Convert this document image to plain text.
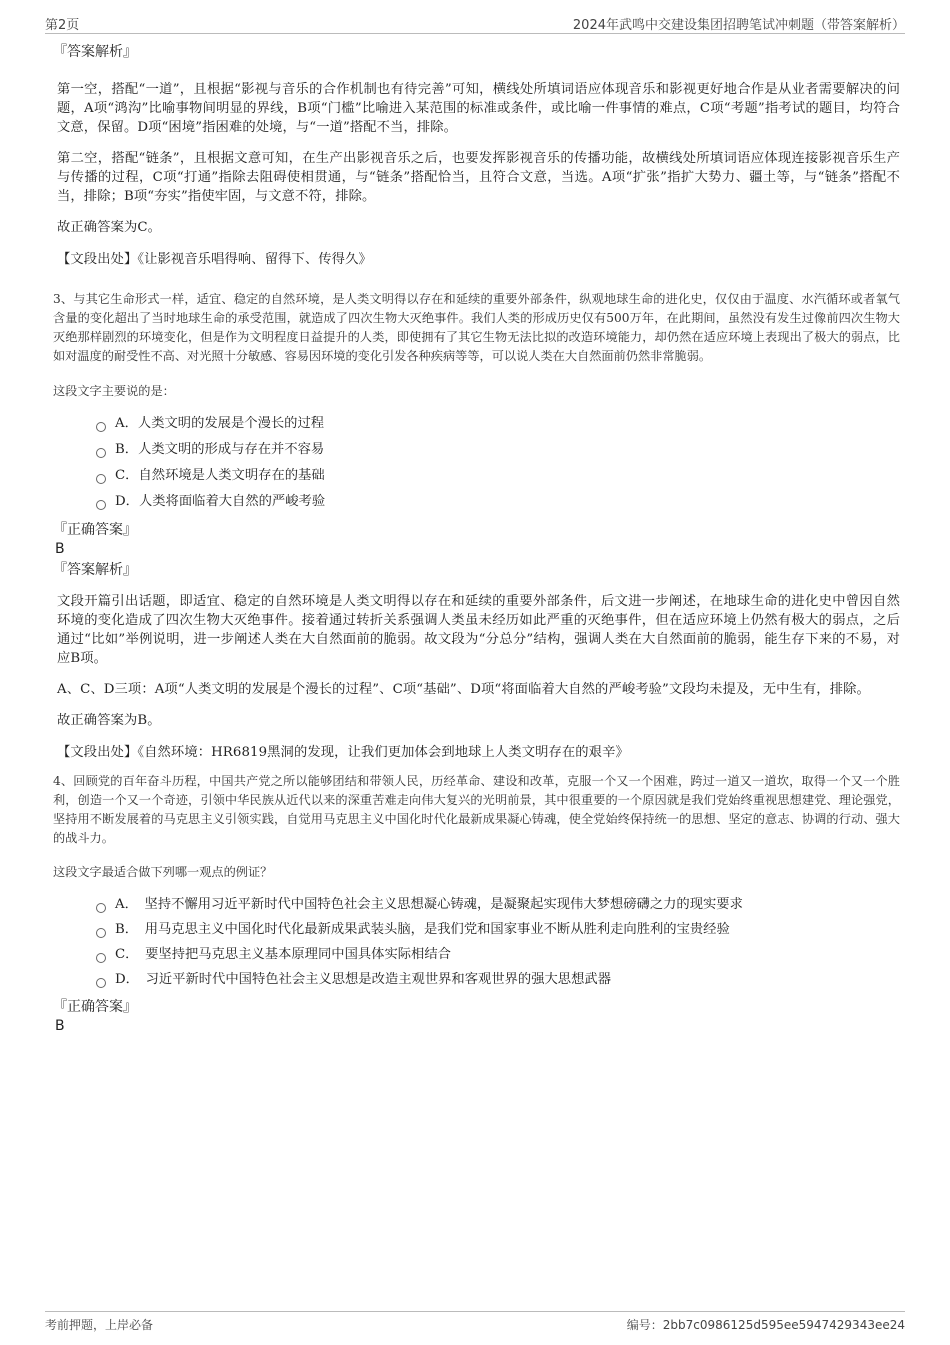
第2页	2024年武鸣中交建设集团招聘笔试冲刺题（带答案解析）

『答案解析』

第一空，搭配“一道”，且根据“影视与音乐的合作机制也有待完善”可知，横线处所填词语应体现音乐和影视更好地合作是从业者需要解决的问题，A项“鸿沟”比喻事物间明显的界线，B项“门槛”比喻进入某范围的标准或条件，或比喻一件事情的难点，C项“考题”指考试的题目，均符合文意，保留。D项“困境”指困难的处境，与“一道”搭配不当，排除。

第二空，搭配“链条”，且根据文意可知，在生产出影视音乐之后，也要发挥影视音乐的传播功能，故横线处所填词语应体现连接影视音乐生产与传播的过程，C项“打通”指除去阻碍使相贯通，与“链条”搭配恰当，且符合文意，当选。A项“扩张”指扩大势力、疆土等，与“链条”搭配不当，排除；B项“夯实”指使牢固，与文意不符，排除。

故正确答案为C。

【文段出处】《让影视音乐唱得响、留得下、传得久》

3、与其它生命形式一样，适宜、稳定的自然环境，是人类文明得以存在和延续的重要外部条件，纵观地球生命的进化史，仅仅由于温度、水汽循环或者氧气含量的变化超出了当时地球生命的承受范围，就造成了四次生物大灭绝事件。我们人类的形成历史仅有500万年，在此期间，虽然没有发生过像前四次生物大灭绝那样剧烈的环境变化，但是作为文明程度日益提升的人类，即使拥有了其它生物无法比拟的改造环境能力，却仍然在适应环境上表现出了极大的弱点，比如对温度的耐受性不高、对光照十分敏感、容易因环境的变化引发各种疾病等等，可以说人类在大自然面前仍然非常脆弱。

这段文字主要说的是：

A．人类文明的发展是个漫长的过程
B．人类文明的形成与存在并不容易
C．自然环境是人类文明存在的基础
D．人类将面临着大自然的严峻考验

『正确答案』

B

『答案解析』

文段开篇引出话题，即适宜、稳定的自然环境是人类文明得以存在和延续的重要外部条件，后文进一步阐述，在地球生命的进化史中曾因自然环境的变化造成了四次生物大灭绝事件。接着通过转折关系强调人类虽未经历如此严重的灭绝事件，但在适应环境上仍然有极大的弱点，之后通过“比如”举例说明，进一步阐述人类在大自然面前的脆弱。故文段为“分总分”结构，强调人类在大自然面前的脆弱，能生存下来的不易，对应B项。

A、C、D三项：A项“人类文明的发展是个漫长的过程”、C项“基础”、D项“将面临着大自然的严峻考验”文段均未提及，无中生有，排除。

故正确答案为B。

【文段出处】《自然环境：HR6819黑洞的发现，让我们更加体会到地球上人类文明存在的艰辛》

4、回顾党的百年奋斗历程，中国共产党之所以能够团结和带领人民，历经革命、建设和改革，克服一个又一个困难，跨过一道又一道坎，取得一个又一个胜利，创造一个又一个奇迹，引领中华民族从近代以来的深重苦难走向伟大复兴的光明前景，其中很重要的一个原因就是我们党始终重视思想建党、理论强党，坚持用不断发展着的马克思主义引领实践，自觉用马克思主义中国化时代化最新成果凝心铸魂，使全党始终保持统一的思想、坚定的意志、协调的行动、强大的战斗力。

这段文字最适合做下列哪一观点的例证？

A．　坚持不懈用习近平新时代中国特色社会主义思想凝心铸魂，是凝聚起实现伟大梦想磅礴之力的现实要求
B．　用马克思主义中国化时代化最新成果武装头脑，是我们党和国家事业不断从胜利走向胜利的宝贵经验
C．　要坚持把马克思主义基本原理同中国具体实际相结合
D．　习近平新时代中国特色社会主义思想是改造主观世界和客观世界的强大思想武器

『正确答案』

B

考前押题，上岸必备	编号：2bb7c0986125d595ee5947429343ee24
